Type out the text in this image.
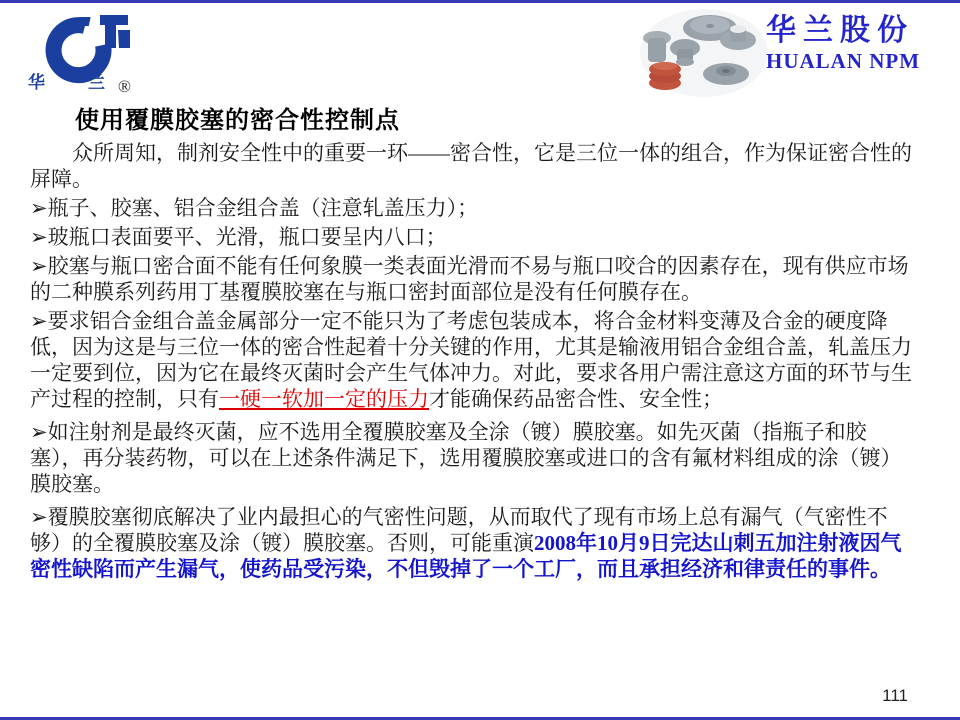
华	兰 ®
华兰股份
HUALAN NPM
使用覆膜胶塞的密合性控制点

众所周知，制剂安全性中的重要一环——密合性，它是三位一体的组合，作为保证密合性的屏障。

➢瓶子、胶塞、铝合金组合盖（注意轧盖压力）；

➢玻瓶口表面要平、光滑，瓶口要呈内八口；

➢胶塞与瓶口密合面不能有任何象膜一类表面光滑而不易与瓶口咬合的因素存在，现有供应市场的二种膜系列药用丁基覆膜胶塞在与瓶口密封面部位是没有任何膜存在。

➢要求铝合金组合盖金属部分一定不能只为了考虑包装成本，将合金材料变薄及合金的硬度降低，因为这是与三位一体的密合性起着十分关键的作用，尤其是输液用铝合金组合盖，轧盖压力一定要到位，因为它在最终灭菌时会产生气体冲力。对此，要求各用户需注意这方面的环节与生产过程的控制，只有一硬一软加一定的压力才能确保药品密合性、安全性；

➢如注射剂是最终灭菌，应不选用全覆膜胶塞及全涂（镀）膜胶塞。如先灭菌（指瓶子和胶塞），再分装药物，可以在上述条件满足下，选用覆膜胶塞或进口的含有氟材料组成的涂（镀）膜胶塞。

➢覆膜胶塞彻底解决了业内最担心的气密性问题，从而取代了现有市场上总有漏气（气密性不够）的全覆膜胶塞及涂（镀）膜胶塞。否则，可能重演2008年10月9日完达山刺五加注射液因气密性缺陷而产生漏气，使药品受污染，不但毁掉了一个工厂，而且承担经济和律责任的事件。

111
